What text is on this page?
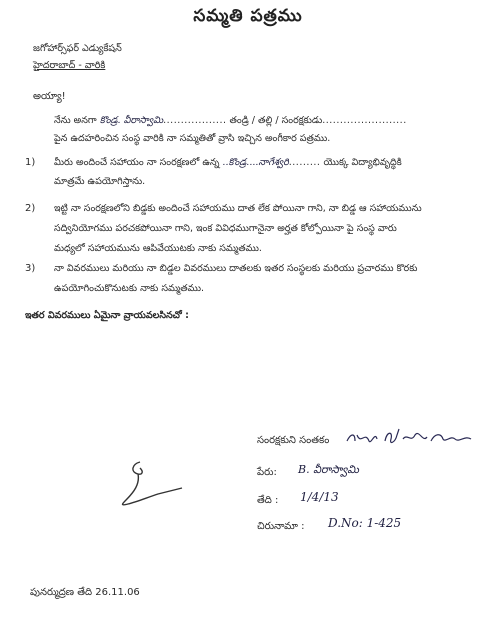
సమ్మతి పత్రము
జగోహార్స్‌ఫర్ ఎడ్యుకేషన్
హైదరాబాద్ - వారికి
అయ్యా!
నేను అనగా కొండ్ర. వీరాస్వామి.................. తండ్రి / తల్లి / సంరక్షకుడు........................
పైన ఉదహరించిన సంస్థ వారికి నా సమ్మతితో వ్రాసి ఇచ్చిన అంగీకార పత్రము.
1) మీరు అందించే సహాయం నా సంరక్షణలో ఉన్న ..కొండ్ర....నాగేశ్వరి......... యొక్క విద్యాభివృద్ధికి
మాత్రమే ఉపయోగిస్తాను.
2) ఇట్టి నా సంరక్షణలోని బిడ్డకు అందించే సహాయము దాత లేక పోయినా గాని, నా బిడ్డ ఆ సహాయమును
సద్వినియోగము పరచకపోయినా గాని, ఇంక వివిధముగానైనా అర్హత కోల్పోయినా పై సంస్థ వారు
మధ్యలో సహాయమును ఆపివేయుటకు నాకు సమ్మతము.
3) నా వివరములు మరియు నా బిడ్డల వివరములు దాతలకు ఇతర సంస్థలకు మరియు ప్రచారము కొరకు
ఉపయోగించుకొనుటకు నాకు సమ్మతము.
ఇతర వివరములు ఏమైనా వ్రాయవలసినచో :
సంరక్షకుని సంతకం
పేరు: B. వీరాస్వామి
తేది : 1/4/13
చిరునామా : D.No: 1-425
పునర్ముద్రణ తేది 26.11.06
